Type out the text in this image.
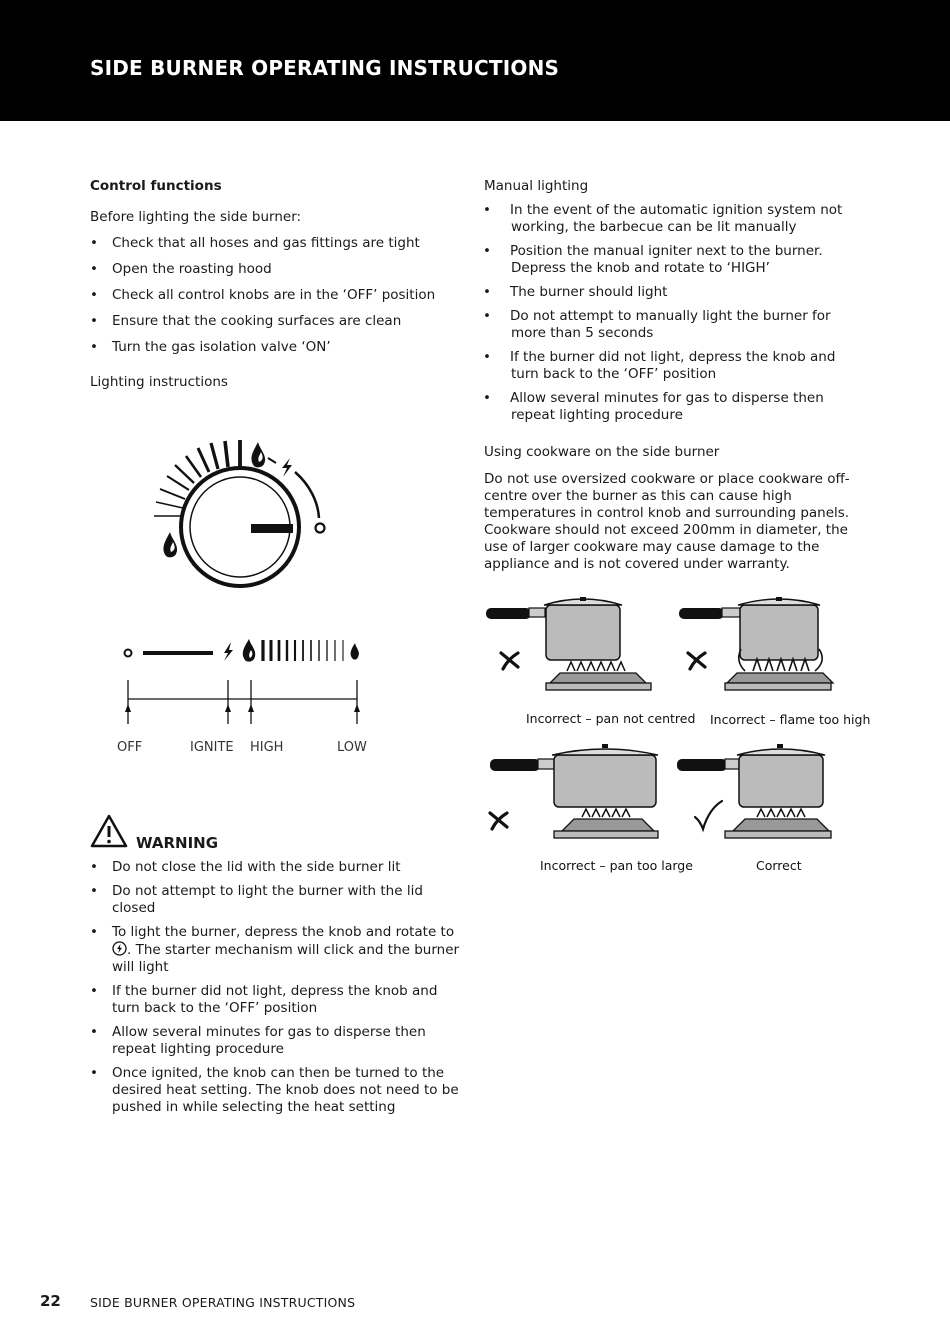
SIDE BURNER OPERATING INSTRUCTIONS

Control functions

Before lighting the side burner:

• Check that all hoses and gas fittings are tight
• Open the roasting hood
• Check all control knobs are in the ‘OFF’ position
• Ensure that the cooking surfaces are clean
• Turn the gas isolation valve ‘ON’

Lighting instructions

OFF	IGNITE HIGH	LOW
WARNING
• Do not close the lid with the side burner lit
• Do not attempt to light the burner with the lid closed
• To light the burner, depress the knob and rotate to . The starter mechanism will click and the burner will light
• If the burner did not light, depress the knob and turn back to the ‘OFF’ position
• Allow several minutes for gas to disperse then repeat lighting procedure
• Once ignited, the knob can then be turned to the desired heat setting. The knob does not need to be pushed in while selecting the heat setting

Manual lighting

• In the event of the automatic ignition system not working, the barbecue can be lit manually
• Position the manual igniter next to the burner. Depress the knob and rotate to ‘HIGH’
• The burner should light
• Do not attempt to manually light the burner for more than 5 seconds
• If the burner did not light, depress the knob and turn back to the ‘OFF’ position
• Allow several minutes for gas to disperse then repeat lighting procedure

Using cookware on the side burner

Do not use oversized cookware or place cookware off-centre over the burner as this can cause high temperatures in control knob and surrounding panels. Cookware should not exceed 200mm in diameter, the use of larger cookware may cause damage to the appliance and is not covered under warranty.

Incorrect – pan not centred Incorrect – flame too high
Incorrect – pan too large	Correct
22 SIDE BURNER OPERATING INSTRUCTIONS
